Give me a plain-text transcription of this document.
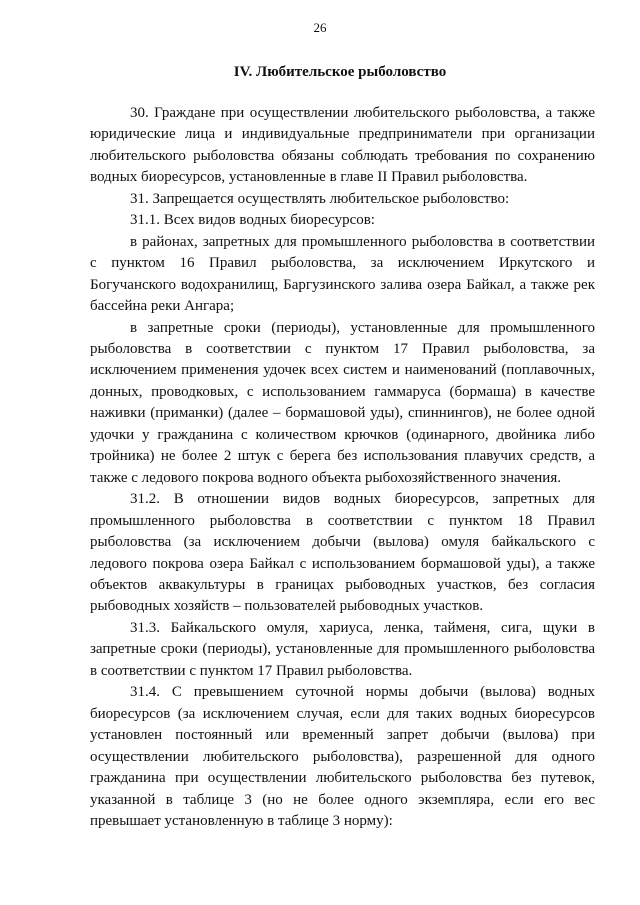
26
IV. Любительское рыболовство

30. Граждане при осуществлении любительского рыболовства, а также юридические лица и индивидуальные предприниматели при организации любительского рыболовства обязаны соблюдать требования по сохранению водных биоресурсов, установленные в главе II Правил рыболовства.

31. Запрещается осуществлять любительское рыболовство:

31.1. Всех видов водных биоресурсов:

в районах, запретных для промышленного рыболовства в соответствии с пунктом 16 Правил рыболовства, за исключением Иркутского и Богучанского водохранилищ, Баргузинского залива озера Байкал, а также рек бассейна реки Ангара;

в запретные сроки (периоды), установленные для промышленного рыболовства в соответствии с пунктом 17 Правил рыболовства, за исключением применения удочек всех систем и наименований (поплавочных, донных, проводковых, с использованием гаммаруса (бормаша) в качестве наживки (приманки) (далее – бормашовой уды), спиннингов), не более одной удочки у гражданина с количеством крючков (одинарного, двойника либо тройника) не более 2 штук с берега без использования плавучих средств, а также с ледового покрова водного объекта рыбохозяйственного значения.

31.2. В отношении видов водных биоресурсов, запретных для промышленного рыболовства в соответствии с пунктом 18 Правил рыболовства (за исключением добычи (вылова) омуля байкальского с ледового покрова озера Байкал с использованием бормашовой уды), а также объектов аквакультуры в границах рыбоводных участков, без согласия рыбоводных хозяйств – пользователей рыбоводных участков.

31.3. Байкальского омуля, хариуса, ленка, тайменя, сига, щуки в запретные сроки (периоды), установленные для промышленного рыболовства в соответствии с пунктом 17 Правил рыболовства.

31.4. С превышением суточной нормы добычи (вылова) водных биоресурсов (за исключением случая, если для таких водных биоресурсов установлен постоянный или временный запрет добычи (вылова) при осуществлении любительского рыболовства), разрешенной для одного гражданина при осуществлении любительского рыболовства без путевок, указанной в таблице 3 (но не более одного экземпляра, если его вес превышает установленную в таблице 3 норму):
